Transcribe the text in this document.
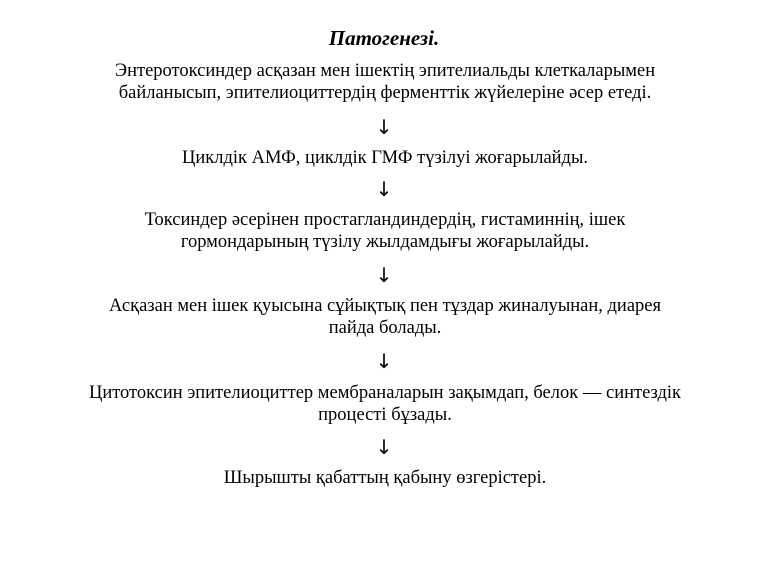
Патогенезі.
Энтеротоксиндер асқазан мен ішектің эпителиальды клеткаларымен
байланысып, эпителиоциттердің ферменттік жүйелеріне әсер етеді.
↓
Циклдік АМФ, циклдік ГМФ түзілуі жоғарылайды.
↓
Токсиндер әсерінен простагландиндердің, гистаминнің, ішек
гормондарының түзілу жылдамдығы жоғарылайды.
↓
Асқазан мен ішек қуысына сұйықтық пен тұздар жиналуынан, диарея
пайда болады.
↓
Цитотоксин эпителиоциттер мембраналарын зақымдап, белок — синтездік
процесті бұзады.
↓
Шырышты қабаттың қабыну өзгерістері.
